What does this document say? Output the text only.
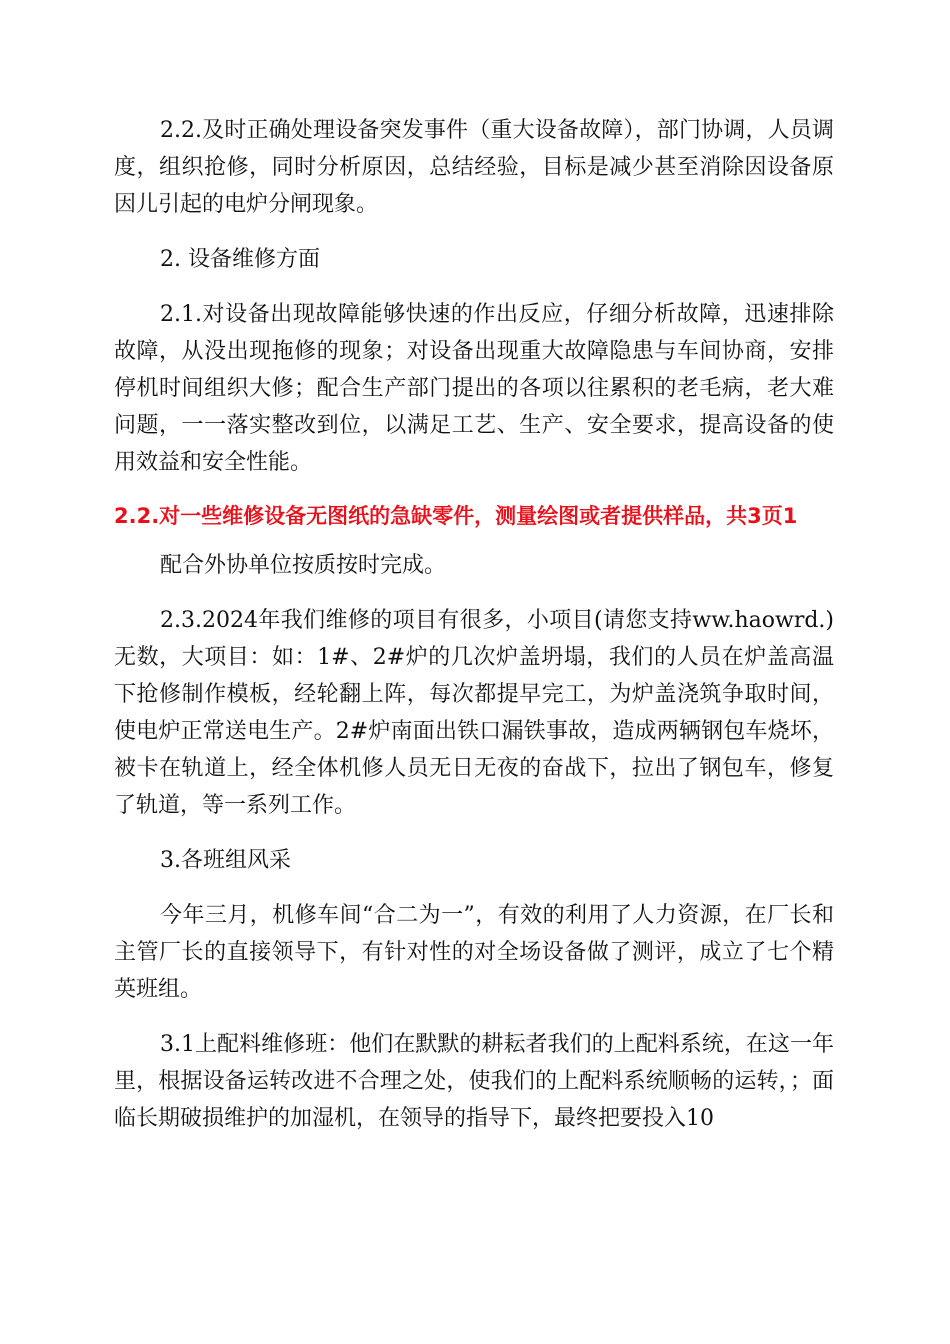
2.2.及时正确处理设备突发事件（重大设备故障），部门协调，人员调度，组织抢修，同时分析原因，总结经验，目标是减少甚至消除因设备原因儿引起的电炉分闸现象。

2. 设备维修方面

2.1.对设备出现故障能够快速的作出反应，仔细分析故障，迅速排除故障，从没出现拖修的现象；对设备出现重大故障隐患与车间协商，安排停机时间组织大修；配合生产部门提出的各项以往累积的老毛病，老大难问题，一一落实整改到位，以满足工艺、生产、安全要求，提高设备的使用效益和安全性能。

2.2.对一些维修设备无图纸的急缺零件，测量绘图或者提供样品，共3页1

配合外协单位按质按时完成。

2.3.2024年我们维修的项目有很多，小项目(请您支持ww.haowrd.)无数，大项目：如：1#、2#炉的几次炉盖坍塌，我们的人员在炉盖高温下抢修制作模板，经轮翻上阵，每次都提早完工，为炉盖浇筑争取时间，使电炉正常送电生产。2#炉南面出铁口漏铁事故，造成两辆钢包车烧坏，被卡在轨道上，经全体机修人员无日无夜的奋战下，拉出了钢包车，修复了轨道，等一系列工作。

3.各班组风采

今年三月，机修车间“合二为一”，有效的利用了人力资源，在厂长和主管厂长的直接领导下，有针对性的对全场设备做了测评，成立了七个精英班组。

3.1上配料维修班：他们在默默的耕耘者我们的上配料系统，在这一年里，根据设备运转改进不合理之处，使我们的上配料系统顺畅的运转，；面临长期破损维护的加湿机，在领导的指导下，最终把要投入10
